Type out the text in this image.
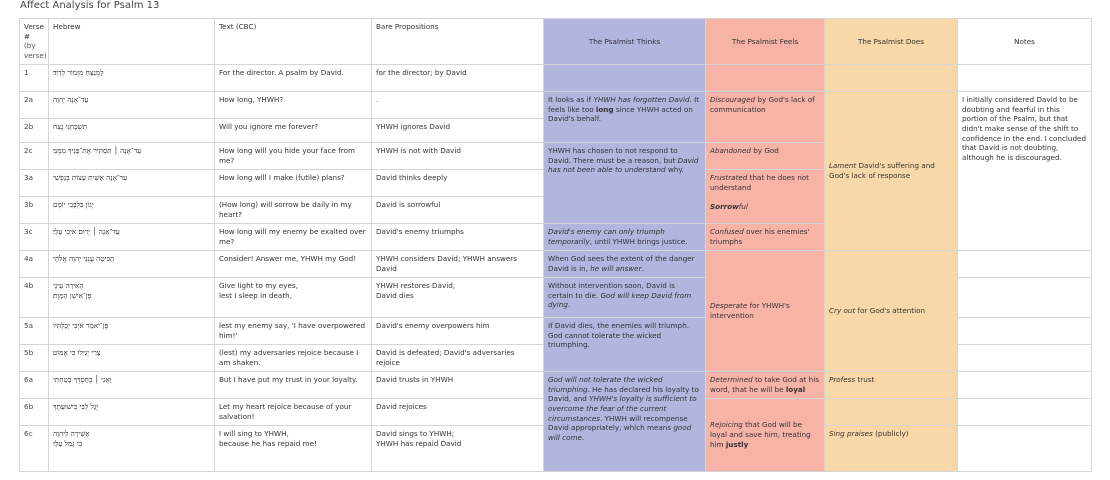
Affect Analysis for Psalm 13
Verse #
(by verse)	Hebrew	Text (CBC)	Bare Propositions	The Psalmist Thinks	The Psalmist Feels	The Psalmist Does	Notes
1	לַמְנַצֵּחַ מִזְמוֹר לְדָוִד׃	For the director. A psalm by David.	for the director; by David				
2a	עַד־אָנָה יְהוָה	How long, YHWH?	.	It looks as if YHWH has forgotten David. It feels like too long since YHWH acted on David's behalf.	Discouraged by God's lack of communication	Lament David's suffering and God's lack of response	I initially considered David to be doubting and fearful in this portion of the Psalm, but that didn't make sense of the shift to confidence in the end. I concluded that David is not doubting, although he is discouraged.
2b	תִּשְׁכָּחֵנִי נֶצַח	Will you ignore me forever?	YHWH ignores David				
2c	עַד־אָנָה ׀ תַּסְתִּיר אֶת־פָּנֶיךָ מִמֶּנִּי׃	How long will you hide your face from me?	YHWH is not with David	YHWH has chosen to not respond to David. There must be a reason, but David has not been able to understand why.	Abandoned by God		
3a	עַד־אָנָה אָשִׁית עֵצוֹת בְּנַפְשִׁי	How long will I make (futile) plans?	David thinks deeply		Frustrated that he does not understand

Sorrowful		
3b	יָגוֹן בִּלְבָבִי יוֹמָם	(How long) will sorrow be daily in my heart?	David is sorrowful				
3c	עַד־אָנָה ׀ יָרוּם אֹיְבִי עָלָי׃	How long will my enemy be exalted over me?	David's enemy triumphs	David's enemy can only triumph temporarily, until YHWH brings justice.	Confused over his enemies' triumphs		
4a	הַבִּיטָה עֲנֵנִי יְהוָה אֱלֹהָי	Consider! Answer me, YHWH my God!	YHWH considers David; YHWH answers David	When God sees the extent of the danger David is in, he will answer.	Desperate for YHWH's intervention	Cry out for God's attention	
4b	הָאִירָה עֵינַי
פֶּן־אִישַׁן הַמָּוֶת׃	Give light to my eyes,
lest I sleep in death,	YHWH restores David;
David dies	Without intervention soon, David is certain to die. God will keep David from dying.			
5a	פֶּן־יֹאמַר אֹיְבִי יְכָלְתִּיו	lest my enemy say, 'I have overpowered him!'	David's enemy overpowers him	If David dies, the enemies will triumph. God cannot tolerate the wicked triumphing.			
5b	צָרַי יָגִילוּ כִּי אֶמּוֹט׃	(lest) my adversaries rejoice because I am shaken.	David is defeated; David's adversaries rejoice				
6a	וַאֲנִי ׀ בְּחַסְדְּךָ בָטַחְתִּי	But I have put my trust in your loyalty.	David trusts in YHWH	God will not tolerate the wicked triumphing. He has declared his loyalty to David, and YHWH's loyalty is sufficient to overcome the fear of the current circumstances. YHWH will recompense David appropriately, which means good will come.	Determined to take God at his word, that he will be loyal	Profess trust	
6b	יָגֵל לִבִּי בִּישׁוּעָתֶךָ	Let my heart rejoice because of your salvation!	David rejoices		Rejoicing that God will be loyal and save him, treating him justly		
6c	אָשִׁירָה לַיהוָה
כִּי גָמַל עָלָי׃	I will sing to YHWH,
because he has repaid me!	David sings to YHWH;
YHWH has repaid David			Sing praises (publicly)	
